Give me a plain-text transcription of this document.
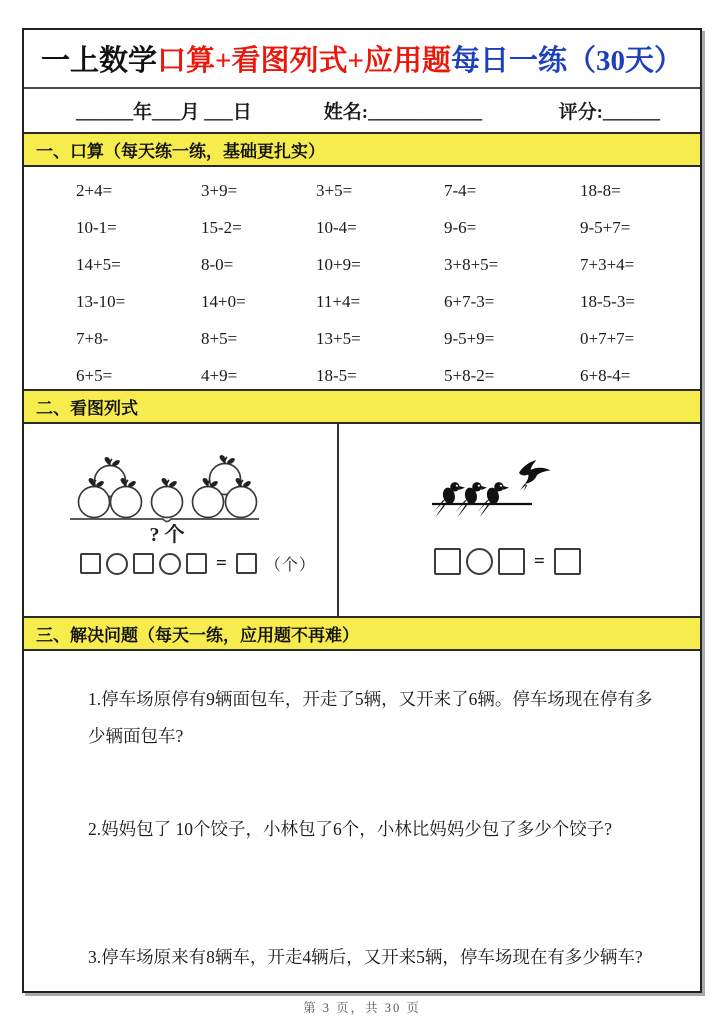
一上数学 口算+看图列式+应用题 每日一练（30天）
______年___月 ___日	姓名:____________	评分:______
一、口算（每天练一练，基础更扎实）
2+4=	3+9=	3+5=	7-4=	18-8=
10-1=	15-2=	10-4=	9-6=	9-5+7=
14+5=	8-0=	10+9=	3+8+5=	7+3+4=
13-10=	14+0=	11+4=	6+7-3=	18-5-3=
7+8-	8+5=	13+5=	9-5+9=	0+7+7=
6+5=	4+9=	18-5=	5+8-2=	6+8-4=
二、看图列式
? 个
= （个）	=
三、解决问题（每天一练，应用题不再难）
1.停车场原停有9辆面包车，开走了5辆，又开来了6辆。停车场现在停有多少辆面包车?
2.妈妈包了 10个饺子，小林包了6个，小林比妈妈少包了多少个饺子?
3.停车场原来有8辆车，开走4辆后，又开来5辆，停车场现在有多少辆车?
第 3 页，共 30 页
